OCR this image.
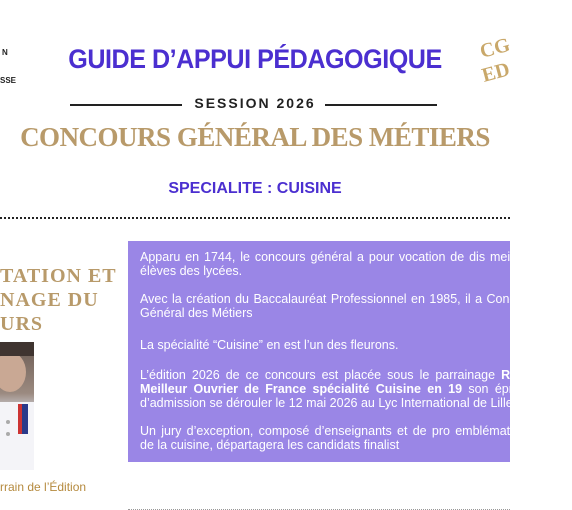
N
SSE
CG
ED
GUIDE D’APPUI PÉDAGOGIQUE
SESSION 2026
CONCOURS GÉNÉRAL DES MÉTIERS
SPECIALITE : CUISINE
TATION ET
NAGE DU
URS
rrain de l’Édition

Apparu en 1744, le concours général a pour vocation de dis meilleurs élèves des lycées.

Avec la création du Baccalauréat Professionnel en 1985, il a Concours Général des Métiers

La spécialité “Cuisine” en est l’un des fleurons.

L’édition 2026 de ce concours est placée sous le parrainage ROTH, Meilleur Ouvrier de France spécialité Cuisine en 19 son épreuve d’admission se dérouler le 12 mai 2026 au Lyc International de Lille. U

Un jury d’exception, composé d’enseignants et de pro emblématiques de la cuisine, départagera les candidats finalist
